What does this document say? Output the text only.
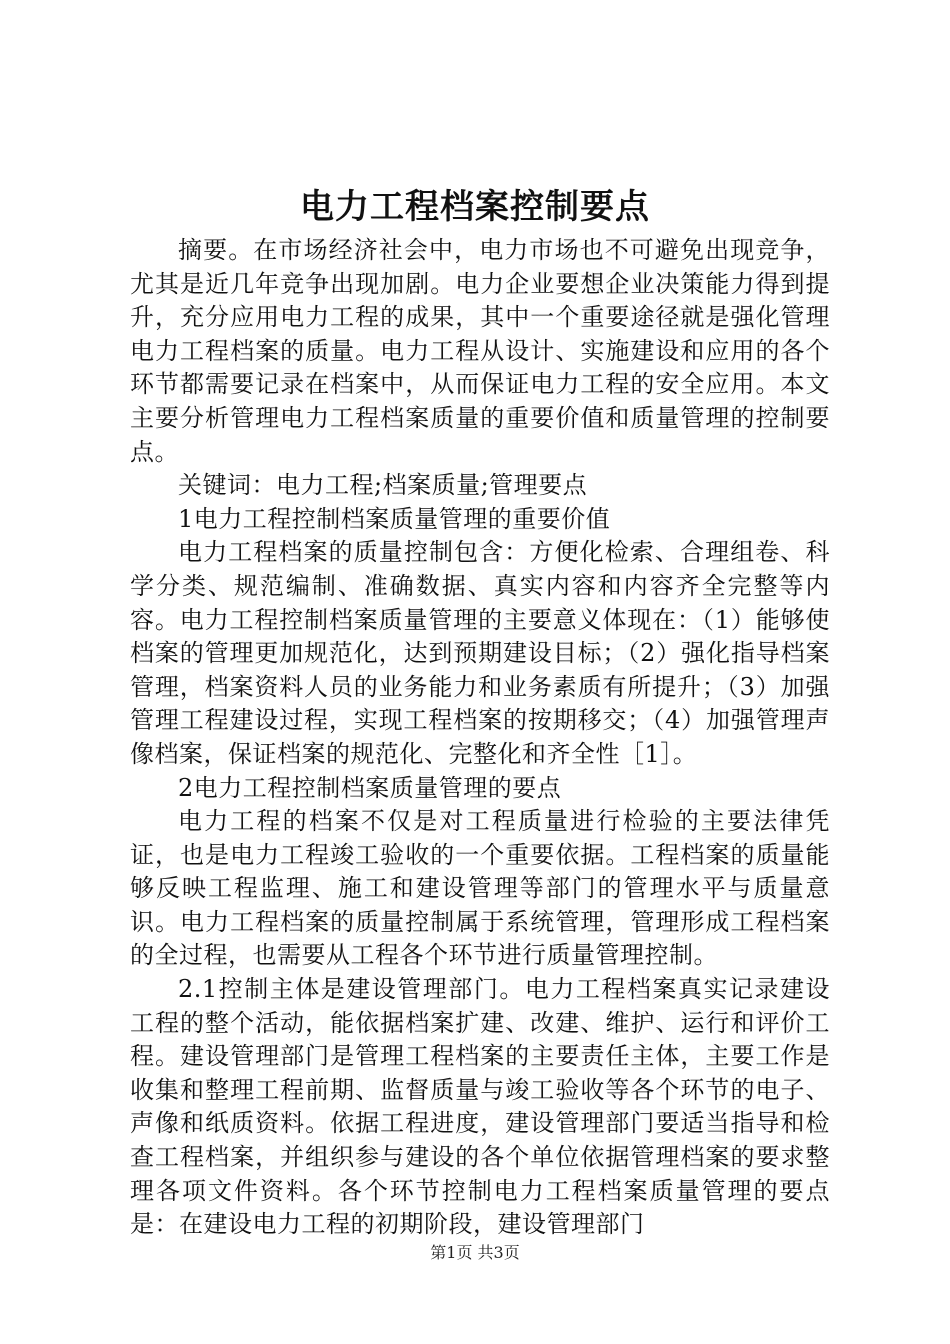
电力工程档案控制要点

摘要。在市场经济社会中，电力市场也不可避免出现竞争，尤其是近几年竞争出现加剧。电力企业要想企业决策能力得到提升，充分应用电力工程的成果，其中一个重要途径就是强化管理电力工程档案的质量。电力工程从设计、实施建设和应用的各个环节都需要记录在档案中，从而保证电力工程的安全应用。本文主要分析管理电力工程档案质量的重要价值和质量管理的控制要点。

关键词：电力工程;档案质量;管理要点

1电力工程控制档案质量管理的重要价值

电力工程档案的质量控制包含：方便化检索、合理组卷、科学分类、规范编制、准确数据、真实内容和内容齐全完整等内容。电力工程控制档案质量管理的主要意义体现在：（1）能够使档案的管理更加规范化，达到预期建设目标；（2）强化指导档案管理，档案资料人员的业务能力和业务素质有所提升；（3）加强管理工程建设过程，实现工程档案的按期移交；（4）加强管理声像档案，保证档案的规范化、完整化和齐全性［1］。

2电力工程控制档案质量管理的要点

电力工程的档案不仅是对工程质量进行检验的主要法律凭证，也是电力工程竣工验收的一个重要依据。工程档案的质量能够反映工程监理、施工和建设管理等部门的管理水平与质量意识。电力工程档案的质量控制属于系统管理，管理形成工程档案的全过程，也需要从工程各个环节进行质量管理控制。

2.1控制主体是建设管理部门。电力工程档案真实记录建设工程的整个活动，能依据档案扩建、改建、维护、运行和评价工程。建设管理部门是管理工程档案的主要责任主体，主要工作是收集和整理工程前期、监督质量与竣工验收等各个环节的电子、声像和纸质资料。依据工程进度，建设管理部门要适当指导和检查工程档案，并组织参与建设的各个单位依据管理档案的要求整理各项文件资料。各个环节控制电力工程档案质量管理的要点是：在建设电力工程的初期阶段，建设管理部门

第1页 共3页
